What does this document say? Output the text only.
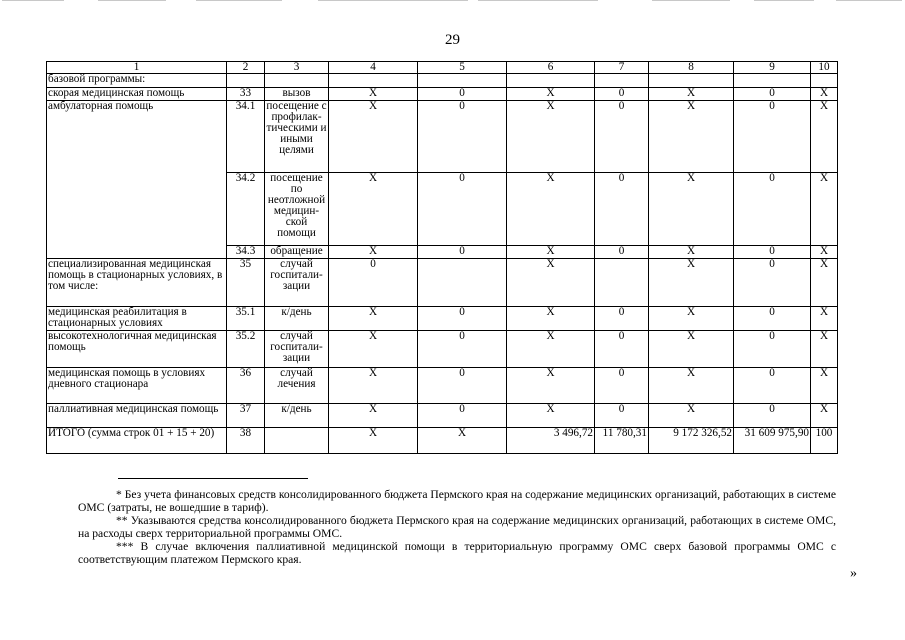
29
1	2	3	4	5	6	7	8	9	10
базовой программы:									
скорая медицинская помощь	33	вызов	X	0	X	0	X	0	X
амбулаторная помощь	34.1	посещение с профилак-тическими и иными целями	X	0	X	0	X	0	X
	34.2	посещение по неотложной медицин-ской помощи	X	0	X	0	X	0	X
	34.3	обращение	X	0	X	0	X	0	X
специализированная медицинская помощь в стационарных условиях, в том числе:	35	случай госпитали-зации	0		X		X	0	X
медицинская реабилитация в стационарных условиях	35.1	к/день	X	0	X	0	X	0	X
высокотехнологичная медицинская помощь	35.2	случай госпитали-зации	X	0	X	0	X	0	X
медицинская помощь в условиях дневного стационара	36	случай лечения	X	0	X	0	X	0	X
паллиативная медицинская помощь	37	к/день	X	0	X	0	X	0	X
ИТОГО (сумма строк 01 + 15 + 20)	38		X	X	3 496,72	11 780,31	9 172 326,52	31 609 975,90	100

* Без учета финансовых средств консолидированного бюджета Пермского края на содержание медицинских организаций, работающих в системе ОМС (затраты, не вошедшие в тариф).

** Указываются средства консолидированного бюджета Пермского края на содержание медицинских организаций, работающих в системе ОМС, на расходы сверх территориальной программы ОМС.

*** В случае включения паллиативной медицинской помощи в территориальную программу ОМС сверх базовой программы ОМС с соответствующим платежом Пермского края.

»
